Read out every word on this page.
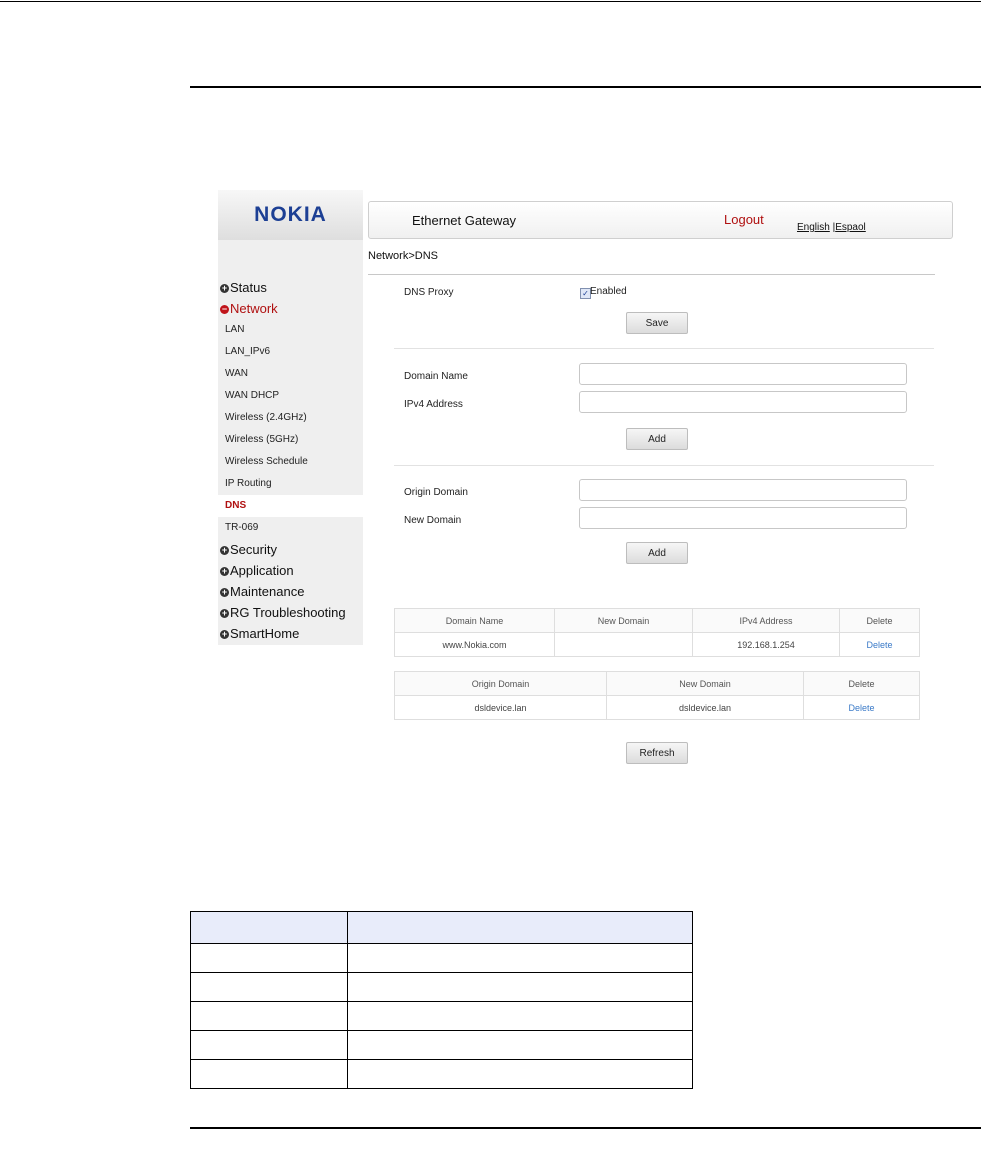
NOKIA
+ Status
− Network
LAN
LAN_IPv6
WAN
WAN DHCP
Wireless (2.4GHz)
Wireless (5GHz)
Wireless Schedule
IP Routing
DNS
TR-069
+ Security
+ Application
+ Maintenance
+ RG Troubleshooting
+ SmartHome
Ethernet Gateway	Logout
English |Espaol
Network>DNS
DNS Proxy	✓ Enabled
Save
Domain Name
IPv4 Address
Add
Origin Domain
New Domain
Add
Domain Name	New Domain	IPv4 Address	Delete
www.Nokia.com		192.168.1.254	Delete
Origin Domain	New Domain	Delete
dsldevice.lan	dsldevice.lan	Delete
Refresh
